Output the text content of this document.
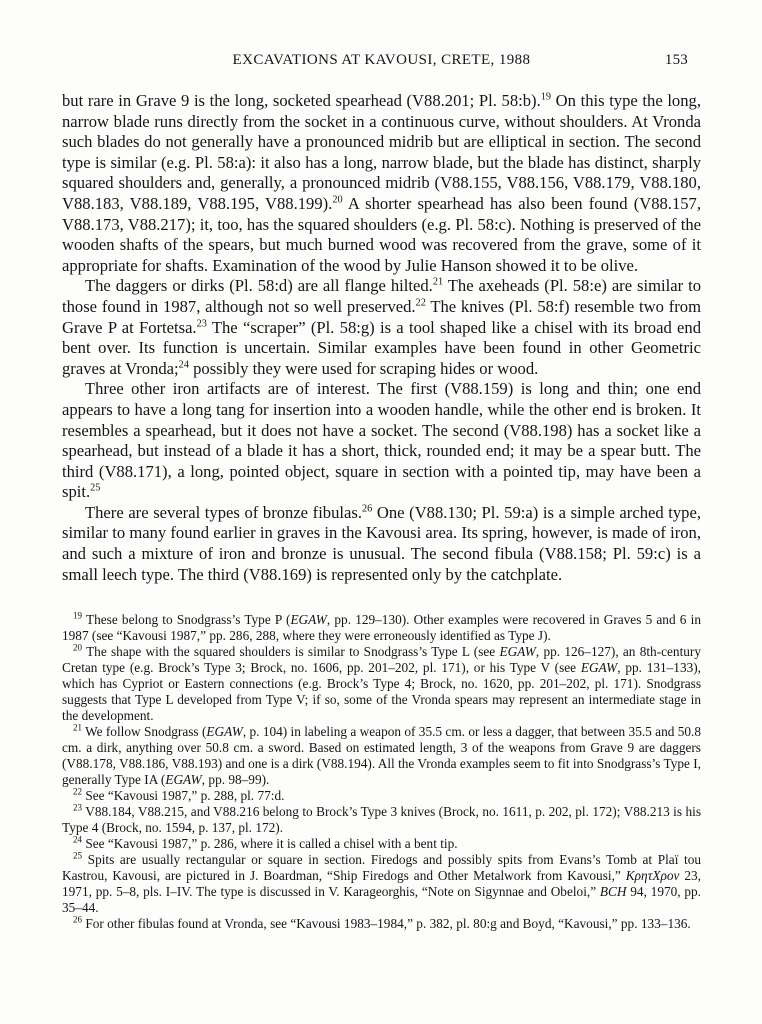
EXCAVATIONS AT KAVOUSI, CRETE, 1988	153

but rare in Grave 9 is the long, socketed spearhead (V88.201; Pl. 58:b).$^{19}$ On this type the long, narrow blade runs directly from the socket in a continuous curve, without shoulders. At Vronda such blades do not generally have a pronounced midrib but are elliptical in section. The second type is similar (e.g. Pl. 58:a): it also has a long, narrow blade, but the blade has distinct, sharply squared shoulders and, generally, a pronounced midrib (V88.155, V88.156, V88.179, V88.180, V88.183, V88.189, V88.195, V88.199).$^{20}$ A shorter spearhead has also been found (V88.157, V88.173, V88.217); it, too, has the squared shoulders (e.g. Pl. 58:c). Nothing is preserved of the wooden shafts of the spears, but much burned wood was recovered from the grave, some of it appropriate for shafts. Examination of the wood by Julie Hanson showed it to be olive.

The daggers or dirks (Pl. 58:d) are all flange hilted.$^{21}$ The axeheads (Pl. 58:e) are similar to those found in 1987, although not so well preserved.$^{22}$ The knives (Pl. 58:f) resemble two from Grave P at Fortetsa.$^{23}$ The “scraper” (Pl. 58:g) is a tool shaped like a chisel with its broad end bent over. Its function is uncertain. Similar examples have been found in other Geometric graves at Vronda;$^{24}$ possibly they were used for scraping hides or wood.

Three other iron artifacts are of interest. The first (V88.159) is long and thin; one end appears to have a long tang for insertion into a wooden handle, while the other end is broken. It resembles a spearhead, but it does not have a socket. The second (V88.198) has a socket like a spearhead, but instead of a blade it has a short, thick, rounded end; it may be a spear butt. The third (V88.171), a long, pointed object, square in section with a pointed tip, may have been a spit.$^{25}$

There are several types of bronze fibulas.$^{26}$ One (V88.130; Pl. 59:a) is a simple arched type, similar to many found earlier in graves in the Kavousi area. Its spring, however, is made of iron, and such a mixture of iron and bronze is unusual. The second fibula (V88.158; Pl. 59:c) is a small leech type. The third (V88.169) is represented only by the catchplate.

$^{19}$ These belong to Snodgrass’s Type P (EGAW, pp. 129–130). Other examples were recovered in Graves 5 and 6 in 1987 (see “Kavousi 1987,” pp. 286, 288, where they were erroneously identified as Type J).

$^{20}$ The shape with the squared shoulders is similar to Snodgrass’s Type L (see EGAW, pp. 126–127), an 8th-century Cretan type (e.g. Brock’s Type 3; Brock, no. 1606, pp. 201–202, pl. 171), or his Type V (see EGAW, pp. 131–133), which has Cypriot or Eastern connections (e.g. Brock’s Type 4; Brock, no. 1620, pp. 201–202, pl. 171). Snodgrass suggests that Type L developed from Type V; if so, some of the Vronda spears may represent an intermediate stage in the development.

$^{21}$ We follow Snodgrass (EGAW, p. 104) in labeling a weapon of 35.5 cm. or less a dagger, that between 35.5 and 50.8 cm. a dirk, anything over 50.8 cm. a sword. Based on estimated length, 3 of the weapons from Grave 9 are daggers (V88.178, V88.186, V88.193) and one is a dirk (V88.194). All the Vronda examples seem to fit into Snodgrass’s Type I, generally Type IA (EGAW, pp. 98–99).

$^{22}$ See “Kavousi 1987,” p. 288, pl. 77:d.

$^{23}$ V88.184, V88.215, and V88.216 belong to Brock’s Type 3 knives (Brock, no. 1611, p. 202, pl. 172); V88.213 is his Type 4 (Brock, no. 1594, p. 137, pl. 172).

$^{24}$ See “Kavousi 1987,” p. 286, where it is called a chisel with a bent tip.

$^{25}$ Spits are usually rectangular or square in section. Firedogs and possibly spits from Evans’s Tomb at Plaï tou Kastrou, Kavousi, are pictured in J. Boardman, “Ship Firedogs and Other Metalwork from Kavousi,” ΚρητΧρον 23, 1971, pp. 5–8, pls. I–IV. The type is discussed in V. Karageorghis, “Note on Sigynnae and Obeloi,” BCH 94, 1970, pp. 35–44.

$^{26}$ For other fibulas found at Vronda, see “Kavousi 1983–1984,” p. 382, pl. 80:g and Boyd, “Kavousi,” pp. 133–136.
